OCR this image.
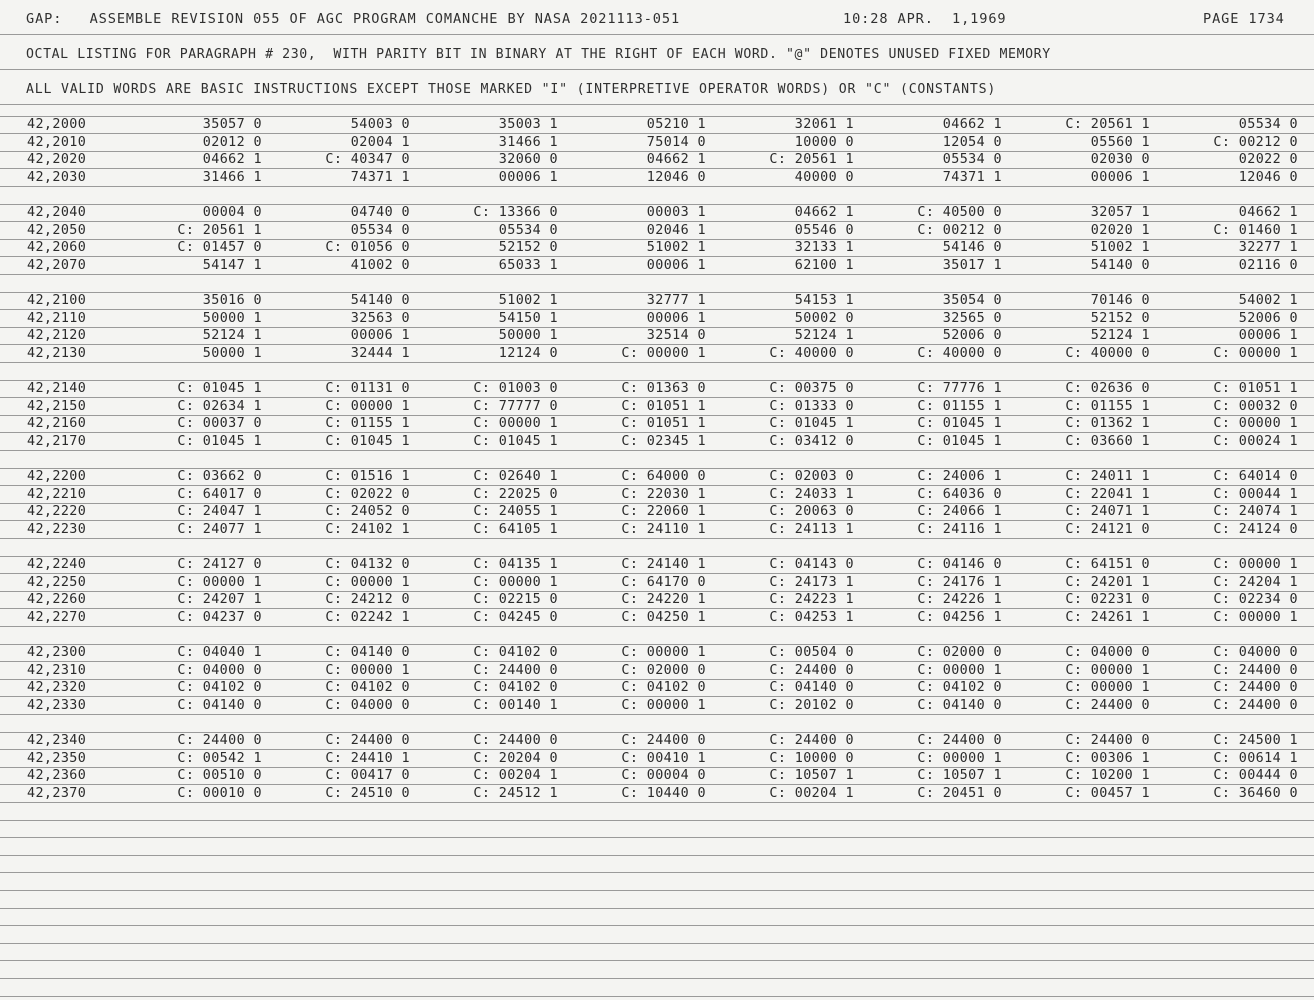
GAP:   ASSEMBLE REVISION 055 OF AGC PROGRAM COMANCHE BY NASA 2021113-051	10:28 APR.  1,1969	PAGE 1734
OCTAL LISTING FOR PARAGRAPH # 230,  WITH PARITY BIT IN BINARY AT THE RIGHT OF EACH WORD. "@" DENOTES UNUSED FIXED MEMORY
ALL VALID WORDS ARE BASIC INSTRUCTIONS EXCEPT THOSE MARKED "I" (INTERPRETIVE OPERATOR WORDS) OR "C" (CONSTANTS)
42,2000	35057 0	54003 0	35003 1	05210 1	32061 1	04662 1	C: 20561 1	05534 0
42,2010	02012 0	02004 1	31466 1	75014 0	10000 0	12054 0	05560 1	C: 00212 0
42,2020	04662 1	C: 40347 0	32060 0	04662 1	C: 20561 1	05534 0	02030 0	02022 0
42,2030	31466 1	74371 1	00006 1	12046 0	40000 0	74371 1	00006 1	12046 0
42,2040	00004 0	04740 0	C: 13366 0	00003 1	04662 1	C: 40500 0	32057 1	04662 1
42,2050	C: 20561 1	05534 0	05534 0	02046 1	05546 0	C: 00212 0	02020 1	C: 01460 1
42,2060	C: 01457 0	C: 01056 0	52152 0	51002 1	32133 1	54146 0	51002 1	32277 1
42,2070	54147 1	41002 0	65033 1	00006 1	62100 1	35017 1	54140 0	02116 0
42,2100	35016 0	54140 0	51002 1	32777 1	54153 1	35054 0	70146 0	54002 1
42,2110	50000 1	32563 0	54150 1	00006 1	50002 0	32565 0	52152 0	52006 0
42,2120	52124 1	00006 1	50000 1	32514 0	52124 1	52006 0	52124 1	00006 1
42,2130	50000 1	32444 1	12124 0	C: 00000 1	C: 40000 0	C: 40000 0	C: 40000 0	C: 00000 1
42,2140	C: 01045 1	C: 01131 0	C: 01003 0	C: 01363 0	C: 00375 0	C: 77776 1	C: 02636 0	C: 01051 1
42,2150	C: 02634 1	C: 00000 1	C: 77777 0	C: 01051 1	C: 01333 0	C: 01155 1	C: 01155 1	C: 00032 0
42,2160	C: 00037 0	C: 01155 1	C: 00000 1	C: 01051 1	C: 01045 1	C: 01045 1	C: 01362 1	C: 00000 1
42,2170	C: 01045 1	C: 01045 1	C: 01045 1	C: 02345 1	C: 03412 0	C: 01045 1	C: 03660 1	C: 00024 1
42,2200	C: 03662 0	C: 01516 1	C: 02640 1	C: 64000 0	C: 02003 0	C: 24006 1	C: 24011 1	C: 64014 0
42,2210	C: 64017 0	C: 02022 0	C: 22025 0	C: 22030 1	C: 24033 1	C: 64036 0	C: 22041 1	C: 00044 1
42,2220	C: 24047 1	C: 24052 0	C: 24055 1	C: 22060 1	C: 20063 0	C: 24066 1	C: 24071 1	C: 24074 1
42,2230	C: 24077 1	C: 24102 1	C: 64105 1	C: 24110 1	C: 24113 1	C: 24116 1	C: 24121 0	C: 24124 0
42,2240	C: 24127 0	C: 04132 0	C: 04135 1	C: 24140 1	C: 04143 0	C: 04146 0	C: 64151 0	C: 00000 1
42,2250	C: 00000 1	C: 00000 1	C: 00000 1	C: 64170 0	C: 24173 1	C: 24176 1	C: 24201 1	C: 24204 1
42,2260	C: 24207 1	C: 24212 0	C: 02215 0	C: 24220 1	C: 24223 1	C: 24226 1	C: 02231 0	C: 02234 0
42,2270	C: 04237 0	C: 02242 1	C: 04245 0	C: 04250 1	C: 04253 1	C: 04256 1	C: 24261 1	C: 00000 1
42,2300	C: 04040 1	C: 04140 0	C: 04102 0	C: 00000 1	C: 00504 0	C: 02000 0	C: 04000 0	C: 04000 0
42,2310	C: 04000 0	C: 00000 1	C: 24400 0	C: 02000 0	C: 24400 0	C: 00000 1	C: 00000 1	C: 24400 0
42,2320	C: 04102 0	C: 04102 0	C: 04102 0	C: 04102 0	C: 04140 0	C: 04102 0	C: 00000 1	C: 24400 0
42,2330	C: 04140 0	C: 04000 0	C: 00140 1	C: 00000 1	C: 20102 0	C: 04140 0	C: 24400 0	C: 24400 0
42,2340	C: 24400 0	C: 24400 0	C: 24400 0	C: 24400 0	C: 24400 0	C: 24400 0	C: 24400 0	C: 24500 1
42,2350	C: 00542 1	C: 24410 1	C: 20204 0	C: 00410 1	C: 10000 0	C: 00000 1	C: 00306 1	C: 00614 1
42,2360	C: 00510 0	C: 00417 0	C: 00204 1	C: 00004 0	C: 10507 1	C: 10507 1	C: 10200 1	C: 00444 0
42,2370	C: 00010 0	C: 24510 0	C: 24512 1	C: 10440 0	C: 00204 1	C: 20451 0	C: 00457 1	C: 36460 0
